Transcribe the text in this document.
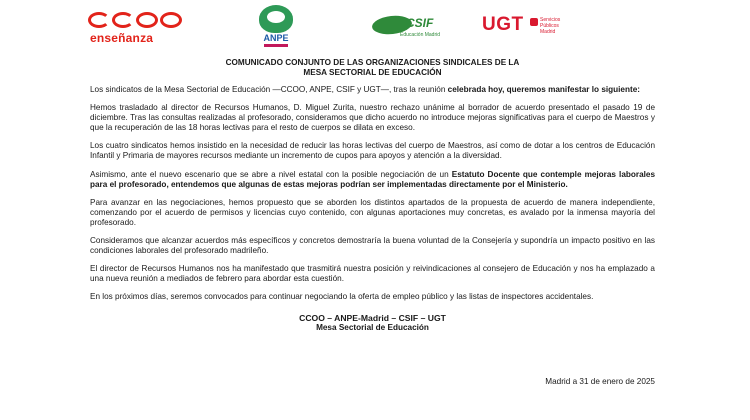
enseñanza	ANPE
CSIF
Educación Madrid UGT	Servicios Públicos Madrid
COMUNICADO CONJUNTO DE LAS ORGANIZACIONES SINDICALES DE LA
MESA SECTORIAL DE EDUCACIÓN

Los sindicatos de la Mesa Sectorial de Educación —CCOO, ANPE, CSIF y UGT—, tras la reunión celebrada hoy, queremos manifestar lo siguiente:

Hemos trasladado al director de Recursos Humanos, D. Miguel Zurita, nuestro rechazo unánime al borrador de acuerdo presentado el pasado 19 de diciembre. Tras las consultas realizadas al profesorado, consideramos que dicho acuerdo no introduce mejoras significativas para el cuerpo de Maestros y que la recuperación de las 18 horas lectivas para el resto de cuerpos se dilata en exceso.

Los cuatro sindicatos hemos insistido en la necesidad de reducir las horas lectivas del cuerpo de Maestros, así como de dotar a los centros de Educación Infantil y Primaria de mayores recursos mediante un incremento de cupos para apoyos y atención a la diversidad.

Asimismo, ante el nuevo escenario que se abre a nivel estatal con la posible negociación de un Estatuto Docente que contemple mejoras laborales para el profesorado, entendemos que algunas de estas mejoras podrían ser implementadas directamente por el Ministerio.

Para avanzar en las negociaciones, hemos propuesto que se aborden los distintos apartados de la propuesta de acuerdo de manera independiente, comenzando por el acuerdo de permisos y licencias cuyo contenido, con algunas aportaciones muy concretas, es avalado por la inmensa mayoría del profesorado.

Consideramos que alcanzar acuerdos más específicos y concretos demostraría la buena voluntad de la Consejería y supondría un impacto positivo en las condiciones laborales del profesorado madrileño.

El director de Recursos Humanos nos ha manifestado que trasmitirá nuestra posición y reivindicaciones al consejero de Educación y nos ha emplazado a una nueva reunión a mediados de febrero para abordar esta cuestión.

En los próximos días, seremos convocados para continuar negociando la oferta de empleo público y las listas de inspectores accidentales.

CCOO – ANPE-Madrid – CSIF – UGT
Mesa Sectorial de Educación
Madrid a 31 de enero de 2025
